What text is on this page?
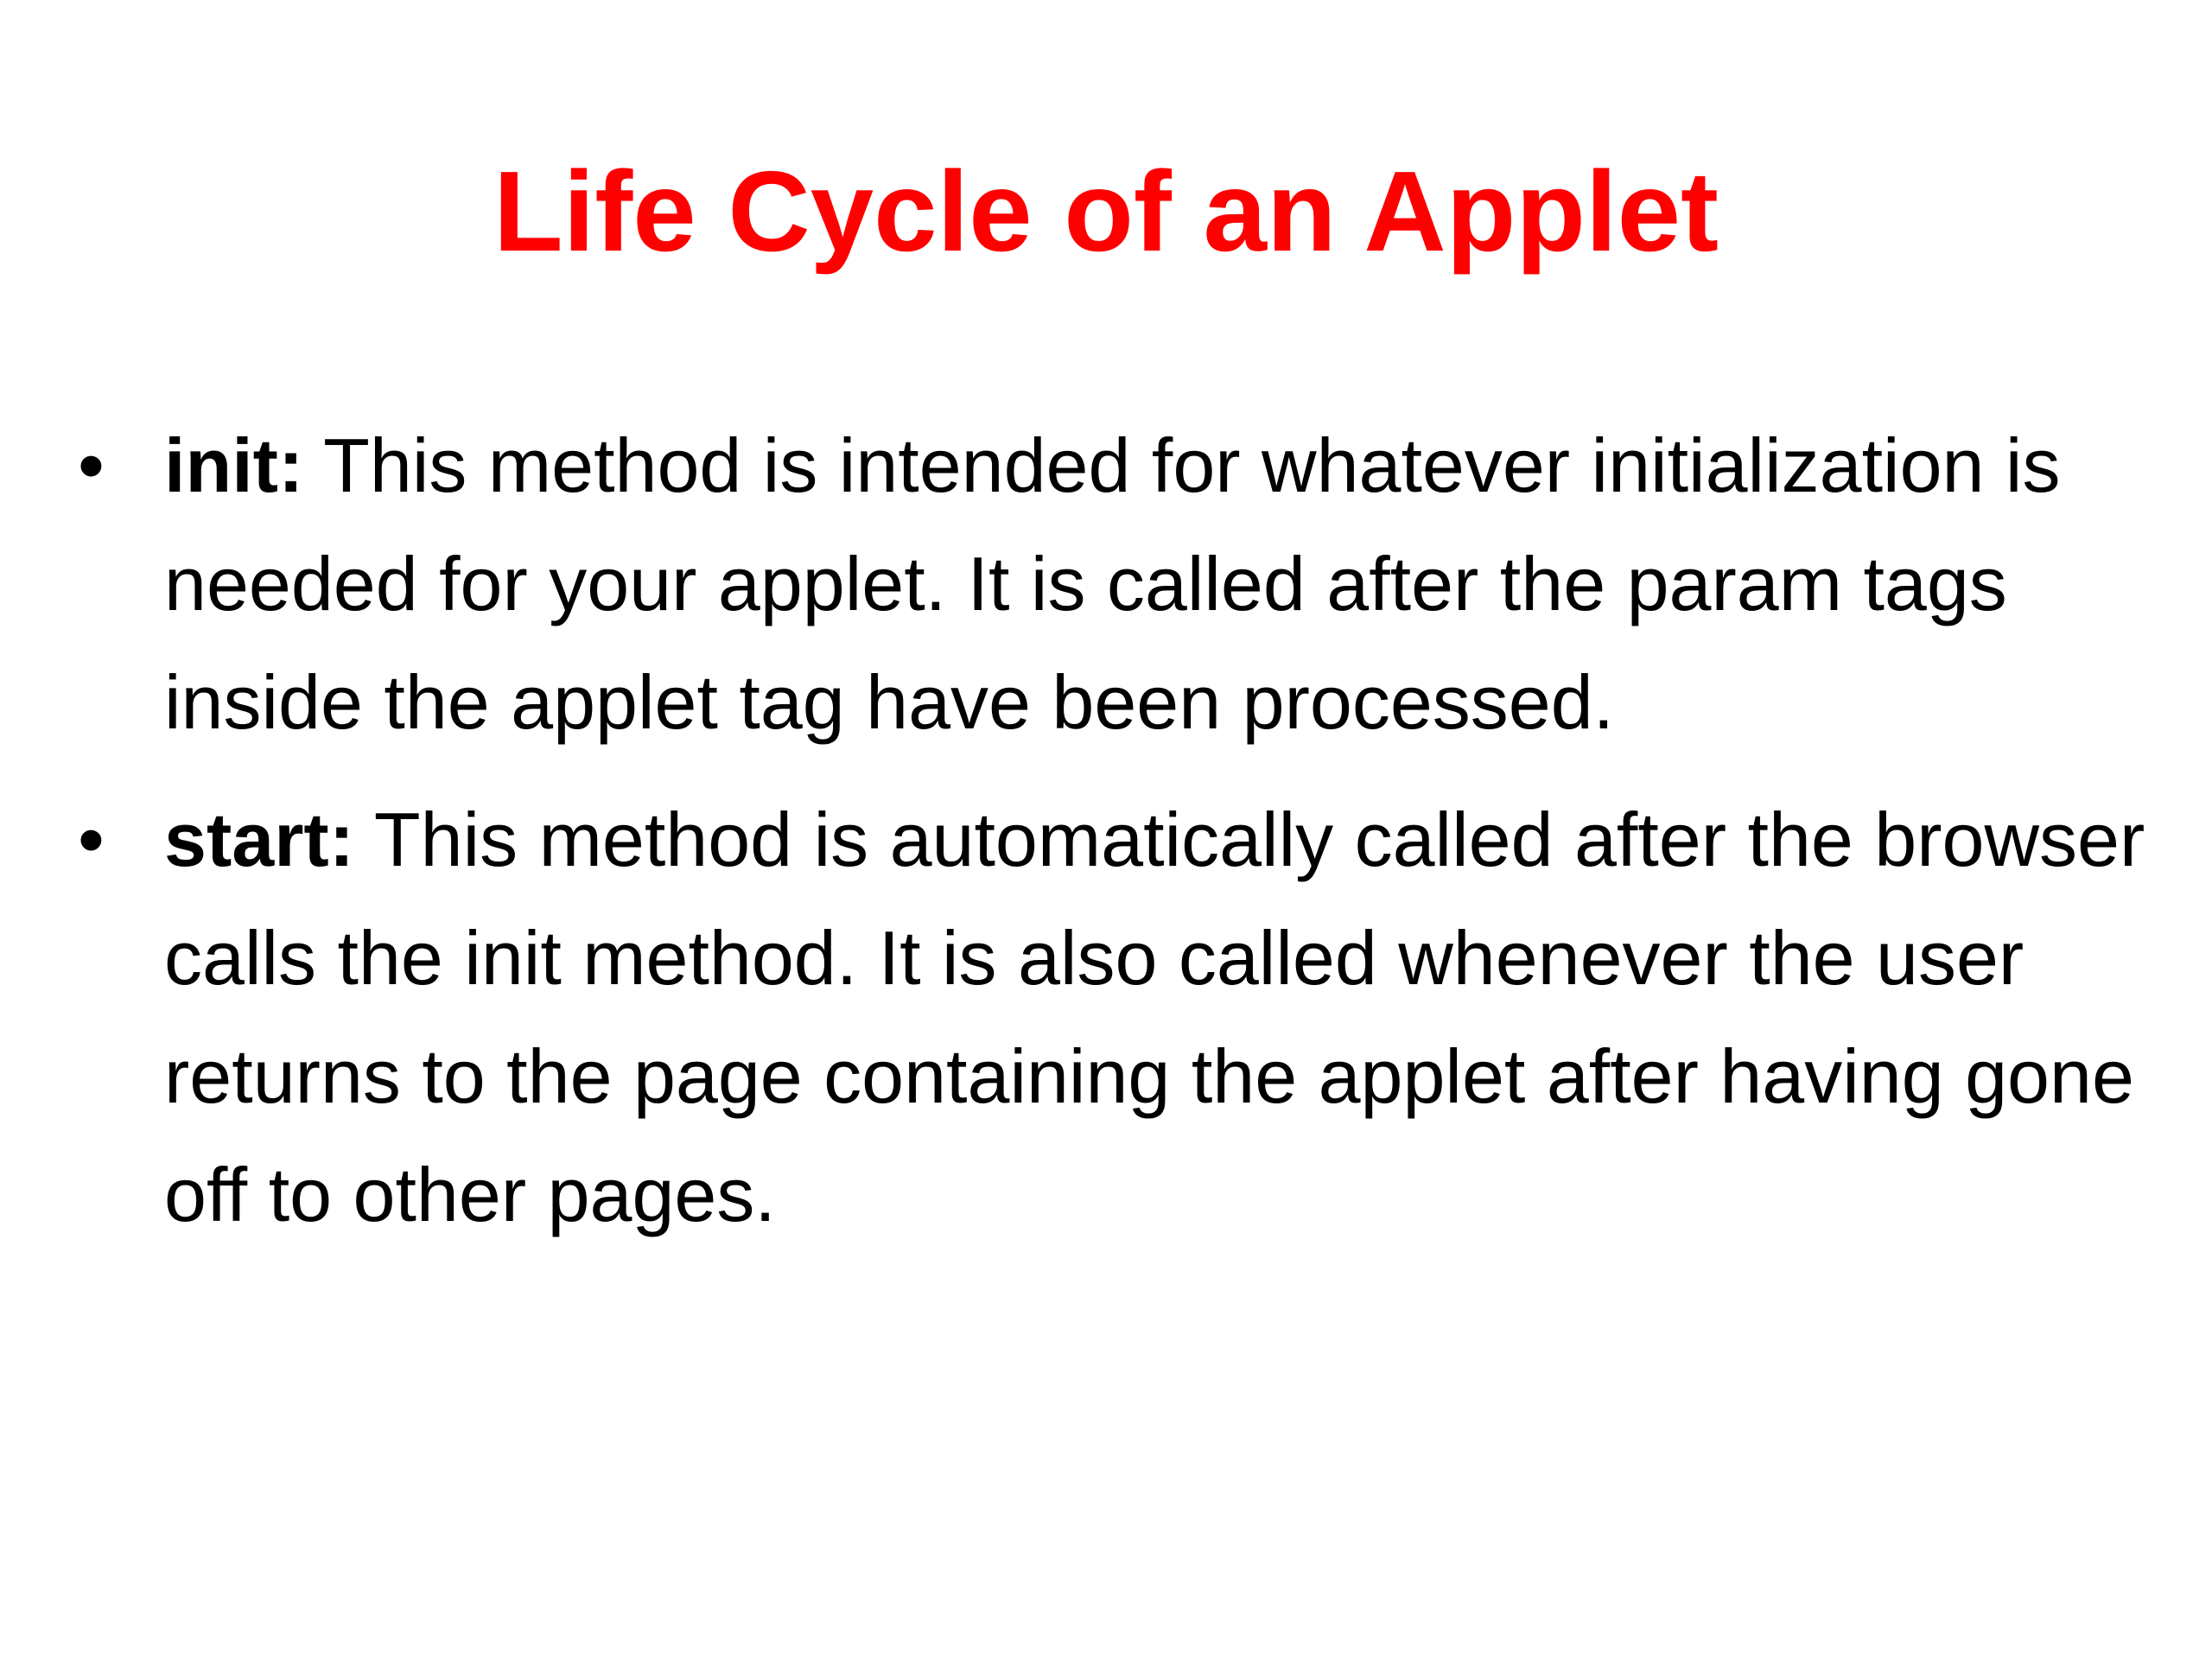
Life Cycle of an Applet
• init: This method is intended for whatever initialization is needed for your applet. It is called after the param tags inside the applet tag have been processed.
• start: This method is automatically called after the browser calls the init method. It is also called whenever the user returns to the page containing the applet after having gone off to other pages.
